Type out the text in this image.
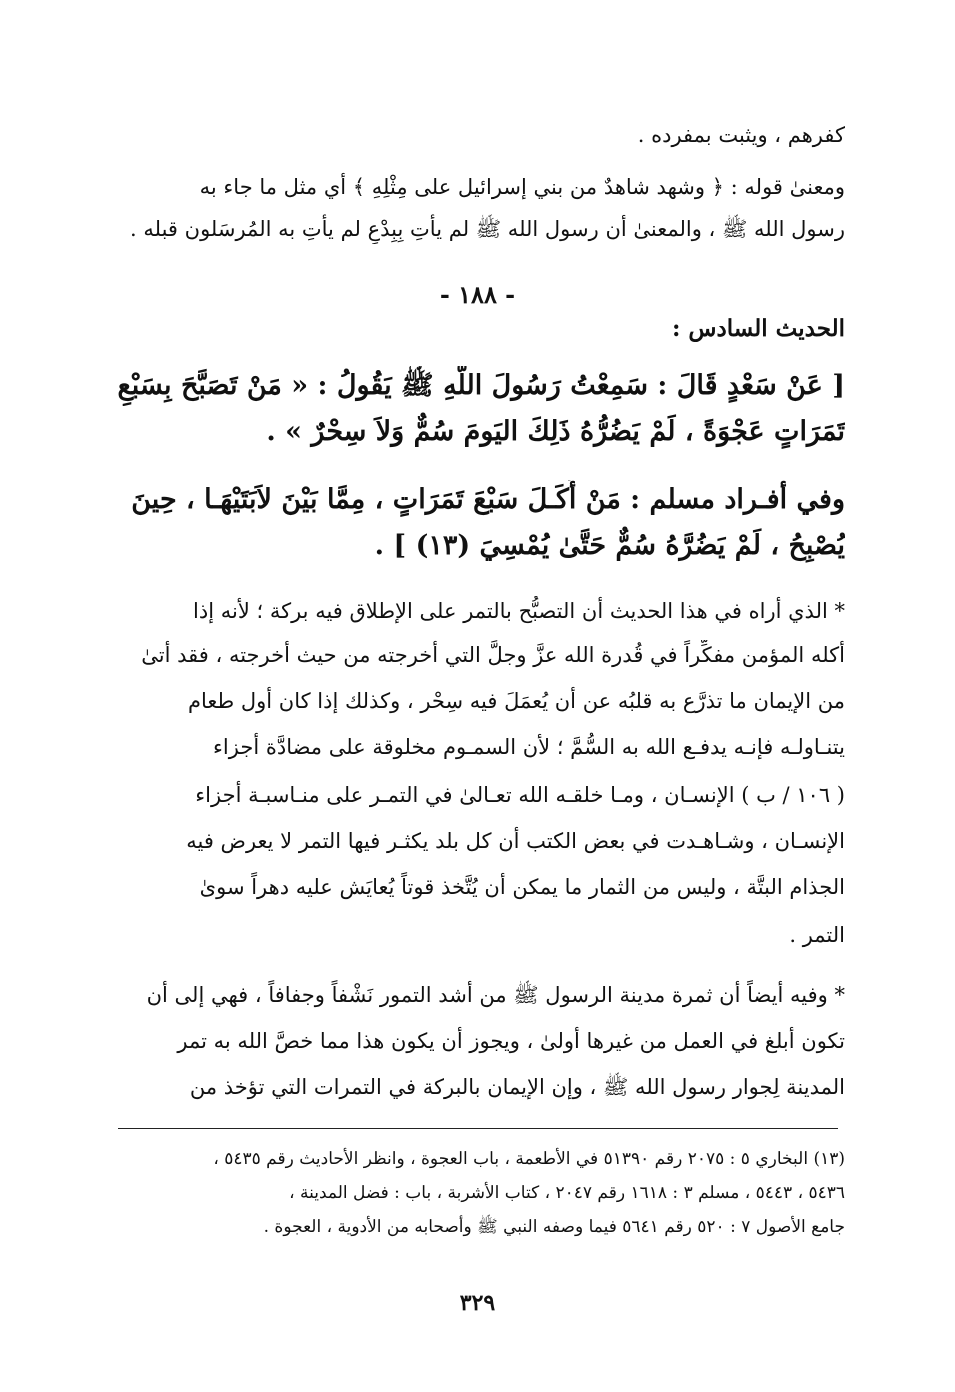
كفرهم ، ويثبت بمفرده .
ومعنىٰ قوله : ﴿ وشهد شاهدٌ من بني إسرائيل على مِثْلِهِ ﴾ أي مثل ما جاء به
رسول الله ﷺ ، والمعنىٰ أن رسول الله ﷺ لم يأتِ بِبِدْعٍ لم يأتِ به المُرسَلون قبله .
- ١٨٨ -
الحديث السادس :
[ عَنْ سَعْدٍ قَالَ : سَمِعْتُ رَسُولَ اللَّهِ ﷺ يَقُولُ : « مَنْ تَصَبَّحَ بِسَبْعِ
تَمَرَاتٍ عَجْوَةً ، لَمْ يَضُرُّهُ ذَلِكَ اليَومَ سُمٌّ وَلاَ سِحْرٌ » .
وفي أفـراد مسلم : مَنْ أَكَـلَ سَبْعَ تَمَرَاتٍ ، مِمَّا بَيْنَ لاَبَتَيْهَـا ، حِينَ
يُصْبِحُ ، لَمْ يَضُرَّهُ سُمٌّ حَتَّىٰ يُمْسِيَ (١٣) ] .
* الذي أراه في هذا الحديث أن التصبُّح بالتمر على الإطلاق فيه بركة ؛ لأنه إذا
أكله المؤمن مفكِّراً في قُدرة الله عزَّ وجلَّ التي أخرجته من حيث أخرجته ، فقد أتىٰ
من الإيمان ما تذرَّع به قلبُه عن أن يُعمَلَ فيه سِحْر ، وكذلك إذا كان أول طعام
يتنـاولـه فإنـه يدفـع الله به السُّمَّ ؛ لأن السمـوم مخلوقة على مضادَّة أجزاء
( ١٠٦ / ب ) الإنسـان ، ومـا خلقـه الله تعـالىٰ في التمـر على منـاسبـة أجزاء
الإنسـان ، وشـاهـدت في بعض الكتب أن كل بلد يكثـر فيها التمر لا يعرض فيه
الجذام البتَّة ، وليس من الثمار ما يمكن أن يُتَّخذ قوتاً يُعايَش عليه دهراً سوىٰ
التمر .
* وفيه أيضاً أن ثمرة مدينة الرسول ﷺ من أشد التمور نَشْفاً وجفافاً ، فهي إلى أن
تكون أبلغ في العمل من غيرها أولىٰ ، ويجوز أن يكون هذا مما خصَّ الله به تمر
المدينة لِجوار رسول الله ﷺ ، وإن الإيمان بالبركة في التمرات التي تؤخذ من
(١٣) البخاري ٥ : ٢٠٧٥ رقم ٥١٣٩٠ في الأطعمة ، باب العجوة ، وانظر الأحاديث رقم ٥٤٣٥ ،
٥٤٣٦ ، ٥٤٤٣ ، مسلم ٣ : ١٦١٨ رقم ٢٠٤٧ ، كتاب الأشربة ، باب : فضل المدينة ،
جامع الأصول ٧ : ٥٢٠ رقم ٥٦٤١ فيما وصفه النبي ﷺ وأصحابه من الأدوية ، العجوة .
٣٢٩
